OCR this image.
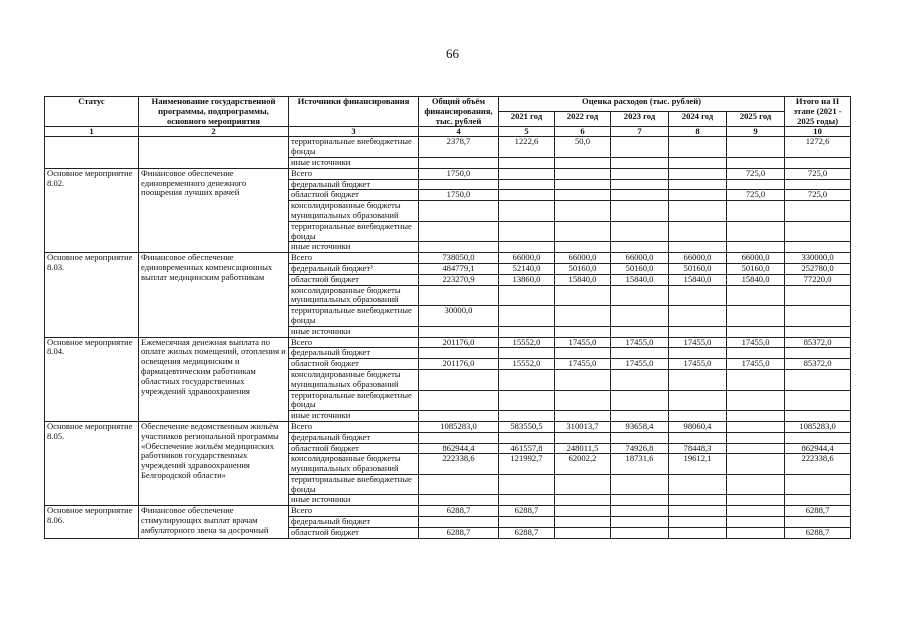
66
Статус	Наименование государственной программы, подпрограммы, основного мероприятия	Источники финансирования	Общий объём финансирования, тыс. рублей	Оценка расходов (тыс. рублей)					Итого на II этапе (2021 - 2025 годы)
				2021 год	2022 год	2023 год	2024 год	2025 год	
1	2	3	4	5	6	7	8	9	10
		территориальные внебюджетные фонды	2378,7	1222,6	50,0				1272,6
		иные источники							
Основное мероприятие 8.02.	Финансовое обеспечение единовременного денежного поощрения лучших врачей	Всего	1750,0					725,0	725,0
		федеральный бюджет							
		областной бюджет	1750,0					725,0	725,0
		консолидированные бюджеты муниципальных образований							
		территориальные внебюджетные фонды							
		иные источники							
Основное мероприятие 8.03.	Финансовое обеспечение единовременных компенсационных выплат медицинским работникам	Всего	738050,0	66000,0	66000,0	66000,0	66000,0	66000,0	330000,0
		федеральный бюджет³	484779,1	52140,0	50160,0	50160,0	50160,0	50160,0	252780,0
		областной бюджет	223270,9	13860,0	15840,0	15840,0	15840,0	15840,0	77220,0
		консолидированные бюджеты муниципальных образований							
		территориальные внебюджетные фонды	30000,0						
		иные источники							
Основное мероприятие 8.04.	Ежемесячная денежная выплата по оплате жилых помещений, отопления и освещения медицинским и фармацевтическим работникам областных государственных учреждений здравоохранения	Всего	201176,0	15552,0	17455,0	17455,0	17455,0	17455,0	85372,0
		федеральный бюджет							
		областной бюджет	201176,0	15552,0	17455,0	17455,0	17455,0	17455,0	85372,0
		консолидированные бюджеты муниципальных образований							
		территориальные внебюджетные фонды							
		иные источники							
Основное мероприятие 8.05.	Обеспечение ведомственным жильём участников региональной программы «Обеспечение жильём медицинских работников государственных учреждений здравоохранения Белгородской области»	Всего	1085283,0	583550,5	310013,7	93658,4	98060,4		1085283,0
		федеральный бюджет							
		областной бюджет	862944,4	461557,8	248011,5	74926,8	78448,3		862944,4
		консолидированные бюджеты муниципальных образований	222338,6	121992,7	62002,2	18731,6	19612,1		222338,6
		территориальные внебюджетные фонды							
		иные источники							
Основное мероприятие 8.06.	Финансовое обеспечение стимулирующих выплат врачам амбулаторного звена за досрочный	Всего	6288,7	6288,7					6288,7
		федеральный бюджет							
		областной бюджет	6288,7	6288,7					6288,7
